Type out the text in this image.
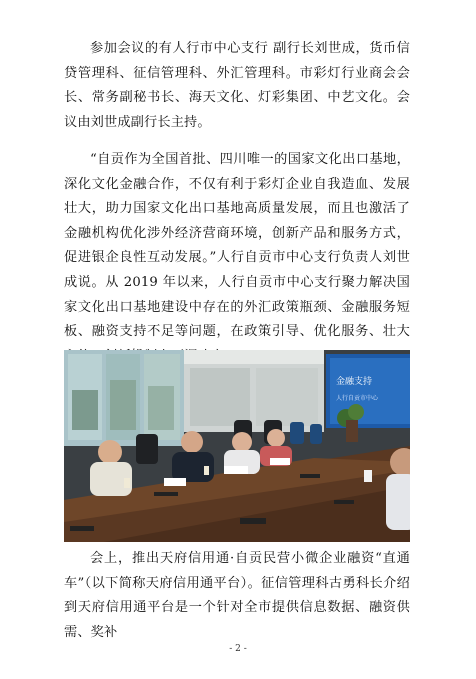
参加会议的有人行市中心支行 副行长刘世成，货币信贷管理科、征信管理科、外汇管理科。市彩灯行业商会会长、常务副秘书长、海天文化、灯彩集团、中艺文化。会议由刘世成副行长主持。

“自贡作为全国首批、四川唯一的国家文化出口基地，深化文化金融合作，不仅有利于彩灯企业自我造血、发展壮大，助力国家文化出口基地高质量发展，而且也激活了金融机构优化涉外经济营商环境，创新产品和服务方式，促进银企良性互动发展。”人行自贡市中心支行负责人刘世成说。从 2019 年以来，人行自贡市中心支行聚力解决国家文化出口基地建设中存在的外汇政策瓶颈、金融服务短板、融资支持不足等问题，在政策引导、优化服务、壮大

金融支持
人行自贡市中心

会上，推出天府信用通·自贡民营小微企业融资“直通车”（以下简称天府信用通平台）。征信管理科古勇科长介绍到天府信用通平台是一个针对全市提供信息数据、融资供需、奖补

- 2 -
